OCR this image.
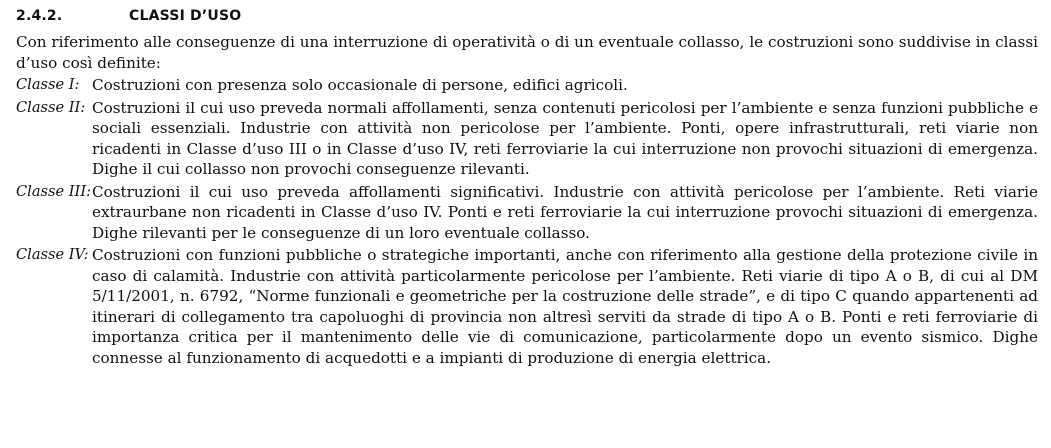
2.4.2.	CLASSI D’USO

Con riferimento alle conseguenze di una interruzione di operatività o di un eventuale collasso, le costruzioni sono suddivise in classi d’uso così definite:

Classe I: Costruzioni con presenza solo occasionale di persone, edifici agricoli.
Classe II: Costruzioni il cui uso preveda normali affollamenti, senza contenuti pericolosi per l’ambiente e senza funzioni pubbliche e sociali essenziali. Industrie con attività non pericolose per l’ambiente. Ponti, opere infrastrutturali, reti viarie non ricadenti in Classe d’uso III o in Classe d’uso IV, reti ferroviarie la cui interruzione non provochi situazioni di emergenza. Dighe il cui collasso non provochi conseguenze rilevanti.
Classe III: Costruzioni il cui uso preveda affollamenti significativi. Industrie con attività pericolose per l’ambiente. Reti viarie extraurbane non ricadenti in Classe d’uso IV. Ponti e reti ferroviarie la cui interruzione provochi situazioni di emergenza. Dighe rilevanti per le conseguenze di un loro eventuale collasso.
Classe IV: Costruzioni con funzioni pubbliche o strategiche importanti, anche con riferimento alla gestione della protezione civile in caso di calamità. Industrie con attività particolarmente pericolose per l’ambiente. Reti viarie di tipo A o B, di cui al DM 5/11/2001, n. 6792, “Norme funzionali e geometriche per la costruzione delle strade”, e di tipo C quando appartenenti ad itinerari di collegamento tra capoluoghi di provincia non altresì serviti da strade di tipo A o B. Ponti e reti ferroviarie di importanza critica per il mantenimento delle vie di comunicazione, particolarmente dopo un evento sismico. Dighe connesse al funzionamento di acquedotti e a impianti di produzione di energia elettrica.
